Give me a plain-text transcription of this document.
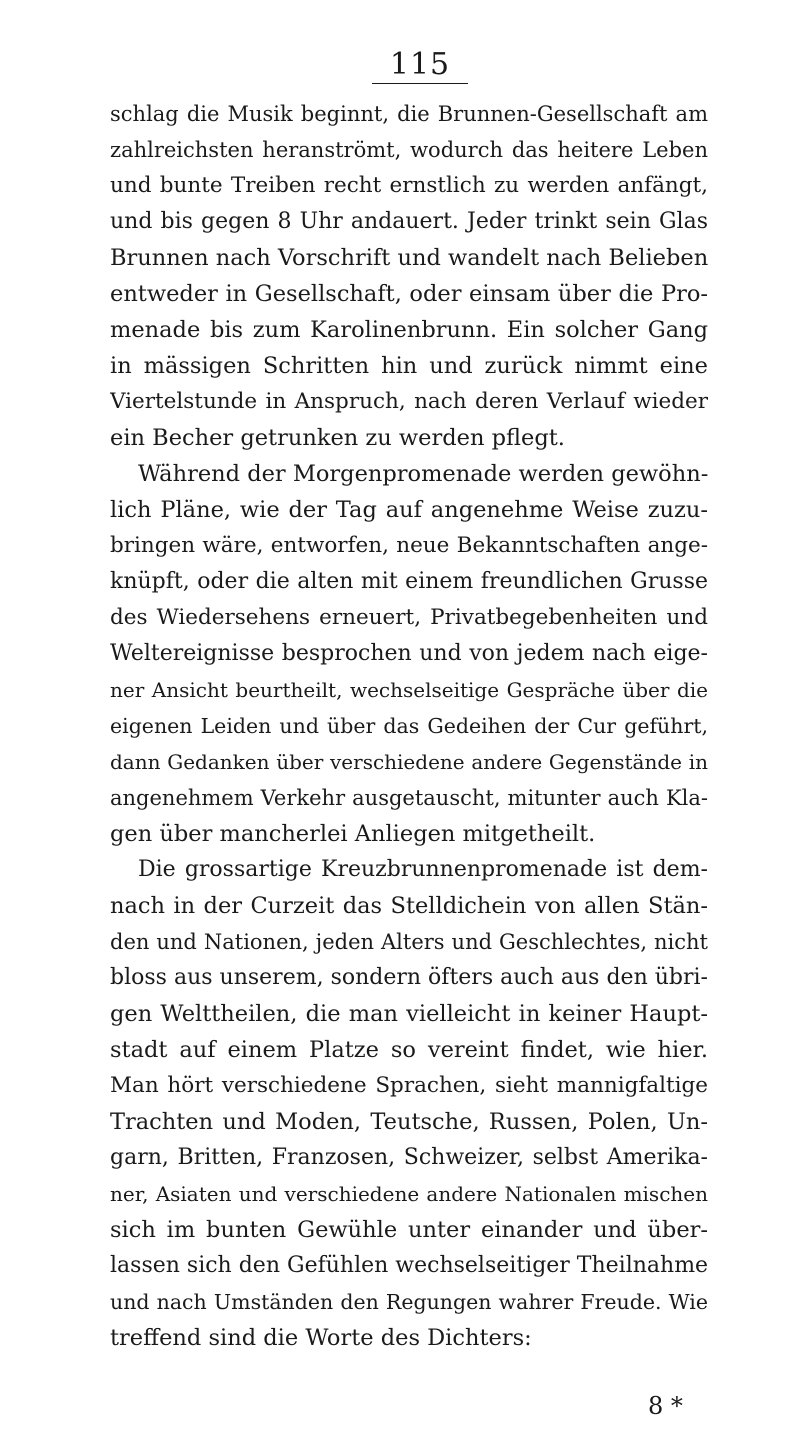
115
schlag die Musik beginnt, die Brunnen-Gesellschaft am
zahlreichsten heranströmt, wodurch das heitere Leben
und bunte Treiben recht ernstlich zu werden anfängt,
und bis gegen 8 Uhr andauert. Jeder trinkt sein Glas
Brunnen nach Vorschrift und wandelt nach Belieben
entweder in Gesellschaft, oder einsam über die Pro-
menade bis zum Karolinenbrunn. Ein solcher Gang
in mässigen Schritten hin und zurück nimmt eine
Viertelstunde in Anspruch, nach deren Verlauf wieder
ein Becher getrunken zu werden pflegt.
Während der Morgenpromenade werden gewöhn-
lich Pläne, wie der Tag auf angenehme Weise zuzu-
bringen wäre, entworfen, neue Bekanntschaften ange-
knüpft, oder die alten mit einem freundlichen Grusse
des Wiedersehens erneuert, Privatbegebenheiten und
Weltereignisse besprochen und von jedem nach eige-
ner Ansicht beurtheilt, wechselseitige Gespräche über die
eigenen Leiden und über das Gedeihen der Cur geführt,
dann Gedanken über verschiedene andere Gegenstände in
angenehmem Verkehr ausgetauscht, mitunter auch Kla-
gen über mancherlei Anliegen mitgetheilt.
Die grossartige Kreuzbrunnenpromenade ist dem-
nach in der Curzeit das Stelldichein von allen Stän-
den und Nationen, jeden Alters und Geschlechtes, nicht
bloss aus unserem, sondern öfters auch aus den übri-
gen Welttheilen, die man vielleicht in keiner Haupt-
stadt auf einem Platze so vereint findet, wie hier.
Man hört verschiedene Sprachen, sieht mannigfaltige
Trachten und Moden, Teutsche, Russen, Polen, Un-
garn, Britten, Franzosen, Schweizer, selbst Amerika-
ner, Asiaten und verschiedene andere Nationalen mischen
sich im bunten Gewühle unter einander und über-
lassen sich den Gefühlen wechselseitiger Theilnahme
und nach Umständen den Regungen wahrer Freude. Wie
treffend sind die Worte des Dichters:
8 *
